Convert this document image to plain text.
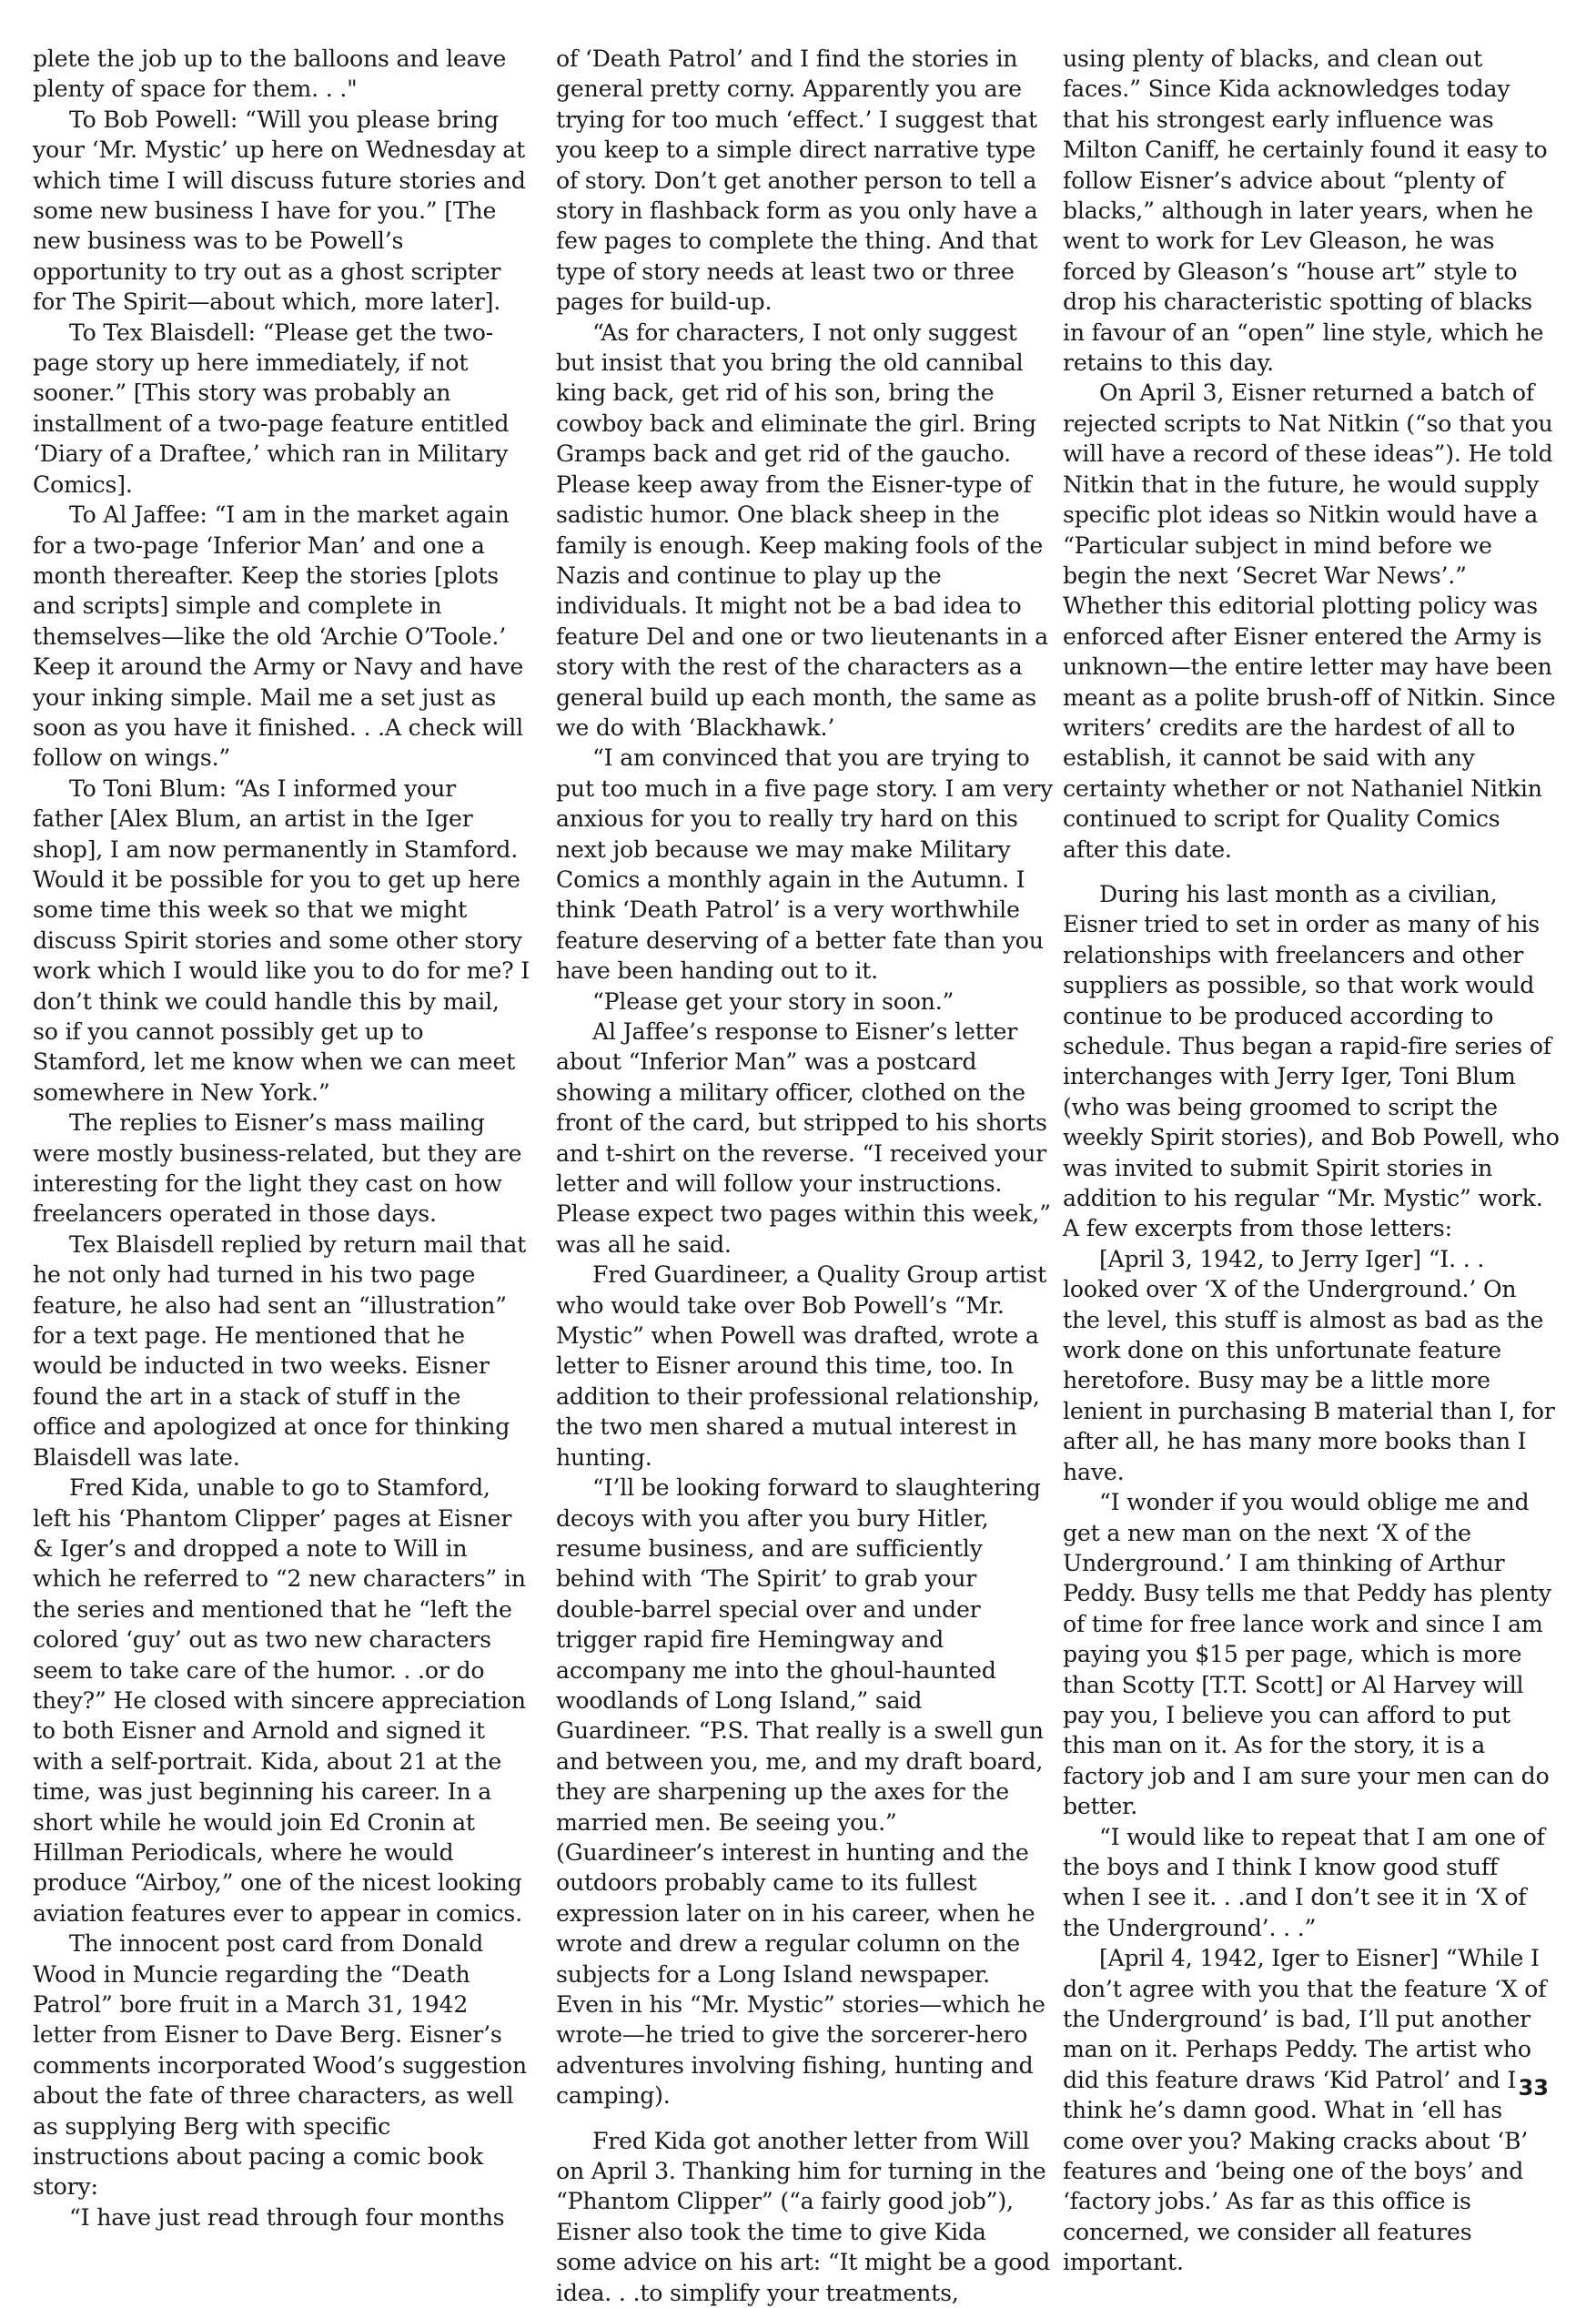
plete the job up to the balloons and leave plenty of space for them. . ."

To Bob Powell: “Will you please bring your ‘Mr. Mystic’ up here on Wednesday at which time I will discuss future stories and some new business I have for you.” [The new business was to be Powell’s opportunity to try out as a ghost scripter for The Spirit—about which, more later].

To Tex Blaisdell: “Please get the two-page story up here immediately, if not sooner.” [This story was probably an installment of a two-page feature entitled ‘Diary of a Draftee,’ which ran in Military Comics].

To Al Jaffee: “I am in the market again for a two-page ‘Inferior Man’ and one a month thereafter. Keep the stories [plots and scripts] simple and complete in themselves—like the old ‘Archie O’Toole.’ Keep it around the Army or Navy and have your inking simple. Mail me a set just as soon as you have it finished. . .A check will follow on wings.”

To Toni Blum: “As I informed your father [Alex Blum, an artist in the Iger shop], I am now permanently in Stamford. Would it be possible for you to get up here some time this week so that we might discuss Spirit stories and some other story work which I would like you to do for me? I don’t think we could handle this by mail, so if you cannot possibly get up to Stamford, let me know when we can meet somewhere in New York.”

The replies to Eisner’s mass mailing were mostly business-related, but they are interesting for the light they cast on how freelancers operated in those days.

Tex Blaisdell replied by return mail that he not only had turned in his two page feature, he also had sent an “illustration” for a text page. He mentioned that he would be inducted in two weeks. Eisner found the art in a stack of stuff in the office and apologized at once for thinking Blaisdell was late.

Fred Kida, unable to go to Stamford, left his ‘Phantom Clipper’ pages at Eisner & Iger’s and dropped a note to Will in which he referred to “2 new characters” in the series and mentioned that he “left the colored ‘guy’ out as two new characters seem to take care of the humor. . .or do they?” He closed with sincere appreciation to both Eisner and Arnold and signed it with a self-portrait. Kida, about 21 at the time, was just beginning his career. In a short while he would join Ed Cronin at Hillman Periodicals, where he would produce “Airboy,” one of the nicest looking aviation features ever to appear in comics.

The innocent post card from Donald Wood in Muncie regarding the “Death Patrol” bore fruit in a March 31, 1942 letter from Eisner to Dave Berg. Eisner’s comments incorporated Wood’s suggestion about the fate of three characters, as well as supplying Berg with specific instructions about pacing a comic book story:

“I have just read through four months

of ‘Death Patrol’ and I find the stories in general pretty corny. Apparently you are trying for too much ‘effect.’ I suggest that you keep to a simple direct narrative type of story. Don’t get another person to tell a story in flashback form as you only have a few pages to complete the thing. And that type of story needs at least two or three pages for build-up.

“As for characters, I not only suggest but insist that you bring the old cannibal king back, get rid of his son, bring the cowboy back and eliminate the girl. Bring Gramps back and get rid of the gaucho. Please keep away from the Eisner-type of sadistic humor. One black sheep in the family is enough. Keep making fools of the Nazis and continue to play up the individuals. It might not be a bad idea to feature Del and one or two lieutenants in a story with the rest of the characters as a general build up each month, the same as we do with ‘Blackhawk.’

“I am convinced that you are trying to put too much in a five page story. I am very anxious for you to really try hard on this next job because we may make Military Comics a monthly again in the Autumn. I think ‘Death Patrol’ is a very worthwhile feature deserving of a better fate than you have been handing out to it.

“Please get your story in soon.”

Al Jaffee’s response to Eisner’s letter about “Inferior Man” was a postcard showing a military officer, clothed on the front of the card, but stripped to his shorts and t-shirt on the reverse. “I received your letter and will follow your instructions. Please expect two pages within this week,” was all he said.

Fred Guardineer, a Quality Group artist who would take over Bob Powell’s “Mr. Mystic” when Powell was drafted, wrote a letter to Eisner around this time, too. In addition to their professional relationship, the two men shared a mutual interest in hunting.

“I’ll be looking forward to slaughtering decoys with you after you bury Hitler, resume business, and are sufficiently behind with ‘The Spirit’ to grab your double-barrel special over and under trigger rapid fire Hemingway and accompany me into the ghoul-haunted woodlands of Long Island,” said Guardineer. “P.S. That really is a swell gun and between you, me, and my draft board, they are sharpening up the axes for the married men. Be seeing you.” (Guardineer’s interest in hunting and the outdoors probably came to its fullest expression later on in his career, when he wrote and drew a regular column on the subjects for a Long Island newspaper. Even in his “Mr. Mystic” stories—which he wrote—he tried to give the sorcerer-hero adventures involving fishing, hunting and camping).

Fred Kida got another letter from Will on April 3. Thanking him for turning in the “Phantom Clipper” (“a fairly good job”), Eisner also took the time to give Kida some advice on his art: “It might be a good idea. . .to simplify your treatments,

using plenty of blacks, and clean out faces.” Since Kida acknowledges today that his strongest early influence was Milton Caniff, he certainly found it easy to follow Eisner’s advice about “plenty of blacks,” although in later years, when he went to work for Lev Gleason, he was forced by Gleason’s “house art” style to drop his characteristic spotting of blacks in favour of an “open” line style, which he retains to this day.

On April 3, Eisner returned a batch of rejected scripts to Nat Nitkin (“so that you will have a record of these ideas”). He told Nitkin that in the future, he would supply specific plot ideas so Nitkin would have a “Particular subject in mind before we begin the next ‘Secret War News’.” Whether this editorial plotting policy was enforced after Eisner entered the Army is unknown—the entire letter may have been meant as a polite brush-off of Nitkin. Since writers’ credits are the hardest of all to establish, it cannot be said with any certainty whether or not Nathaniel Nitkin continued to script for Quality Comics after this date.

During his last month as a civilian, Eisner tried to set in order as many of his relationships with freelancers and other suppliers as possible, so that work would continue to be produced according to schedule. Thus began a rapid-fire series of interchanges with Jerry Iger, Toni Blum (who was being groomed to script the weekly Spirit stories), and Bob Powell, who was invited to submit Spirit stories in addition to his regular “Mr. Mystic” work. A few excerpts from those letters:

[April 3, 1942, to Jerry Iger] “I. . . looked over ‘X of the Underground.’ On the level, this stuff is almost as bad as the work done on this unfortunate feature heretofore. Busy may be a little more lenient in purchasing B material than I, for after all, he has many more books than I have.

“I wonder if you would oblige me and get a new man on the next ‘X of the Underground.’ I am thinking of Arthur Peddy. Busy tells me that Peddy has plenty of time for free lance work and since I am paying you $15 per page, which is more than Scotty [T.T. Scott] or Al Harvey will pay you, I believe you can afford to put this man on it. As for the story, it is a factory job and I am sure your men can do better.

“I would like to repeat that I am one of the boys and I think I know good stuff when I see it. . .and I don’t see it in ‘X of the Underground’. . .”

[April 4, 1942, Iger to Eisner] “While I don’t agree with you that the feature ‘X of the Underground’ is bad, I’ll put another man on it. Perhaps Peddy. The artist who did this feature draws ‘Kid Patrol’ and I think he’s damn good. What in ‘ell has come over you? Making cracks about ‘B’ features and ‘being one of the boys’ and ‘factory jobs.’ As far as this office is concerned, we consider all features important.

33
